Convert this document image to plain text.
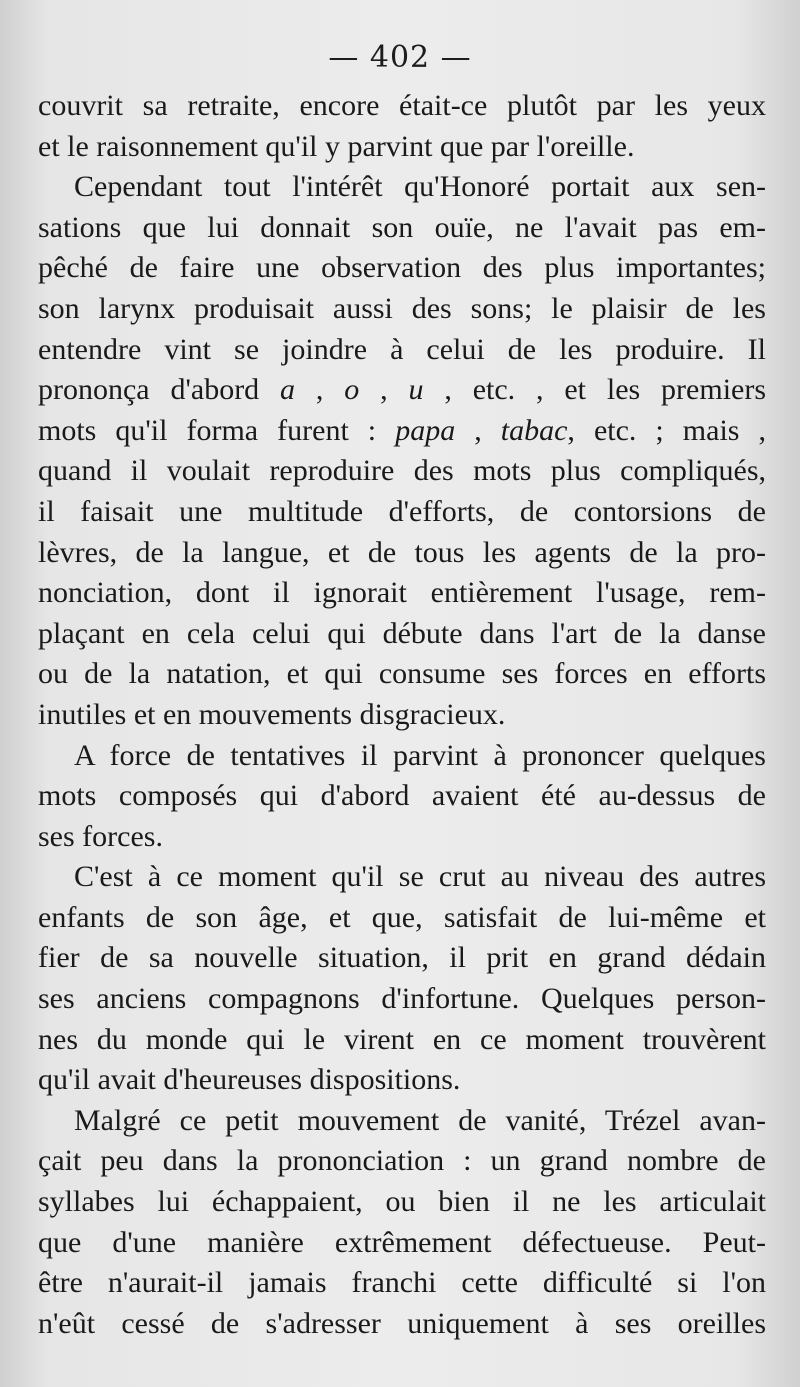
— 402 —
couvrit sa retraite, encore était-ce plutôt par les yeux
et le raisonnement qu'il y parvint que par l'oreille.
Cependant tout l'intérêt qu'Honoré portait aux sen-
sations que lui donnait son ouïe, ne l'avait pas em-
pêché de faire une observation des plus importantes;
son larynx produisait aussi des sons; le plaisir de les
entendre vint se joindre à celui de les produire. Il
prononça d'abord a , o , u , etc. , et les premiers
mots qu'il forma furent : papa , tabac, etc. ; mais ,
quand il voulait reproduire des mots plus compliqués,
il faisait une multitude d'efforts, de contorsions de
lèvres, de la langue, et de tous les agents de la pro-
nonciation, dont il ignorait entièrement l'usage, rem-
plaçant en cela celui qui débute dans l'art de la danse
ou de la natation, et qui consume ses forces en efforts
inutiles et en mouvements disgracieux.
A force de tentatives il parvint à prononcer quelques
mots composés qui d'abord avaient été au-dessus de
ses forces.
C'est à ce moment qu'il se crut au niveau des autres
enfants de son âge, et que, satisfait de lui-même et
fier de sa nouvelle situation, il prit en grand dédain
ses anciens compagnons d'infortune. Quelques person-
nes du monde qui le virent en ce moment trouvèrent
qu'il avait d'heureuses dispositions.
Malgré ce petit mouvement de vanité, Trézel avan-
çait peu dans la prononciation : un grand nombre de
syllabes lui échappaient, ou bien il ne les articulait
que d'une manière extrêmement défectueuse. Peut-
être n'aurait-il jamais franchi cette difficulté si l'on
n'eût cessé de s'adresser uniquement à ses oreilles
